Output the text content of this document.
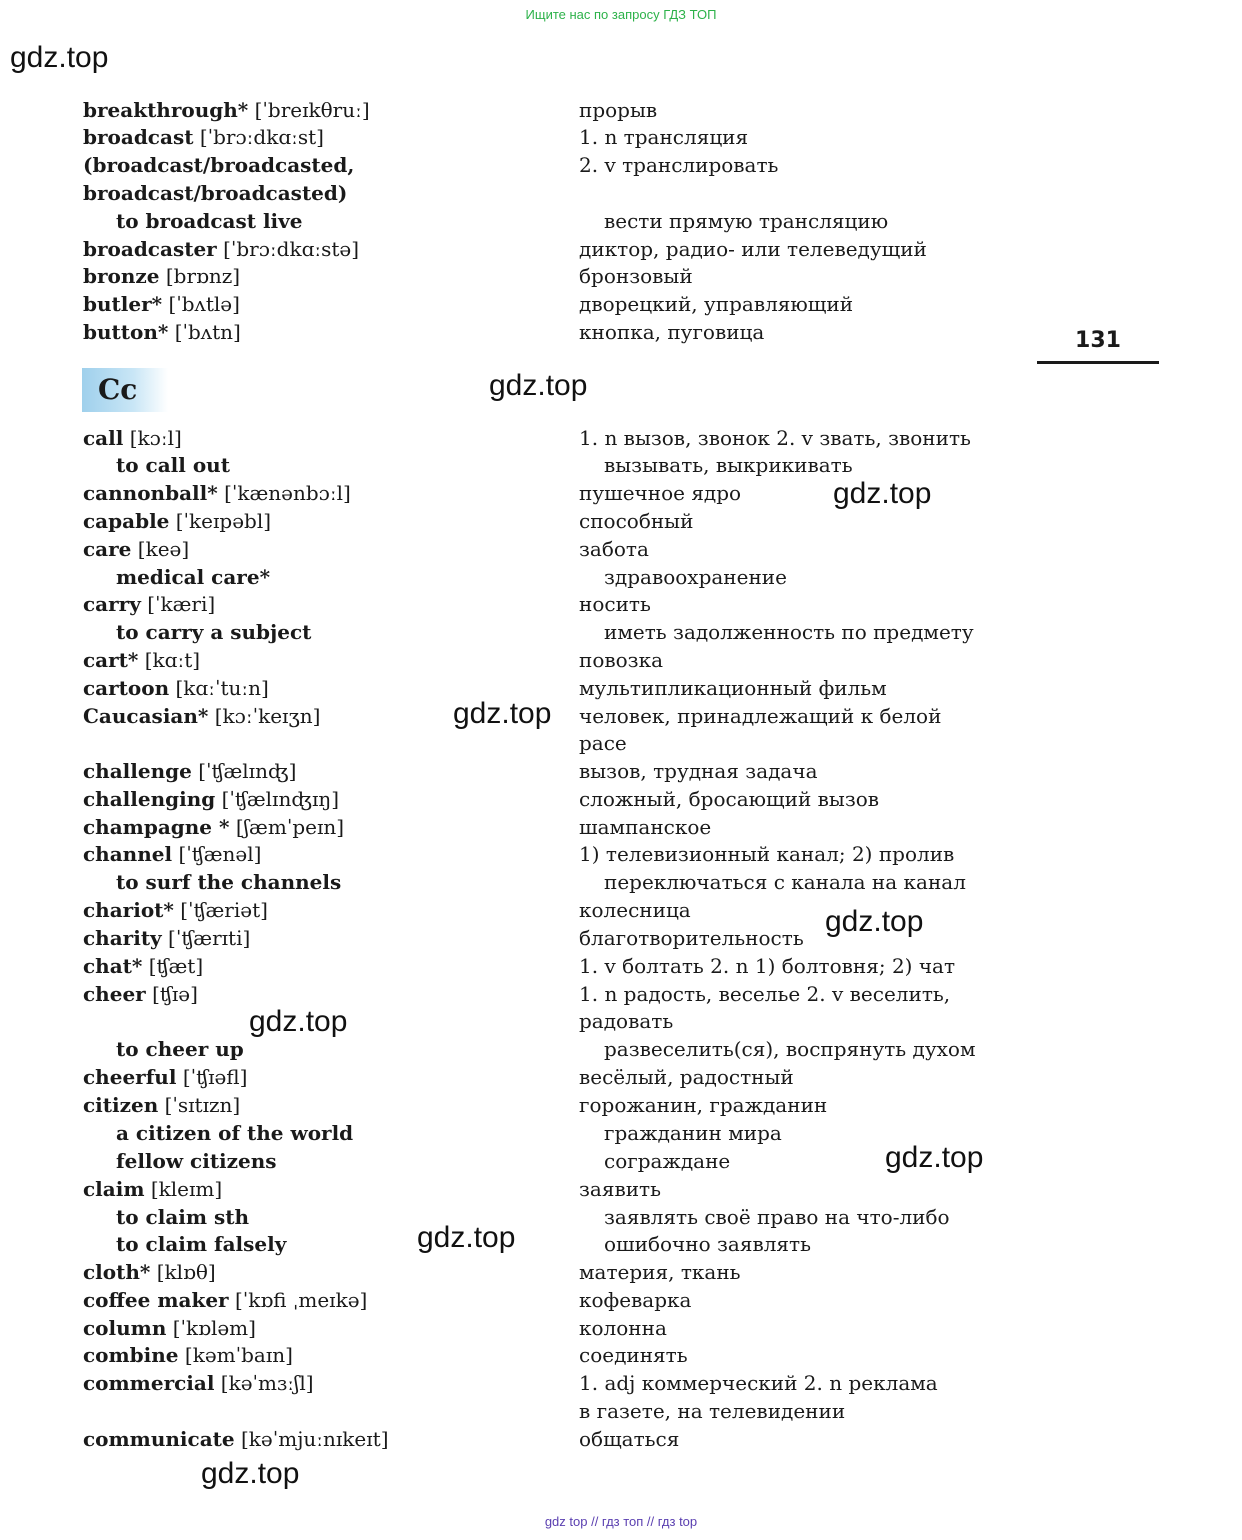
Ищите нас по запросу ГДЗ ТОП
gdz.top
gdz.top
gdz.top
gdz.top
gdz.top
gdz.top
gdz.top
gdz.top
gdz.top
Cc
131
breakthrough* [ˈbreɪkθruː]	прорыв
broadcast [ˈbrɔːdkɑːst]	1. n трансляция
(broadcast/broadcasted,	2. v транслировать
broadcast/broadcasted)
to broadcast live	вести прямую трансляцию
broadcaster [ˈbrɔːdkɑːstə]	диктор, радио- или телеведущий
bronze [brɒnz]	бронзовый
butler* [ˈbʌtlə]	дворецкий, управляющий
button* [ˈbʌtn]	кнопка, пуговица
call [kɔːl]	1. n вызов, звонок 2. v звать, звонить
to call out	вызывать, выкрикивать
cannonball* [ˈkænənbɔːl]	пушечное ядро
capable [ˈkeɪpəbl]	способный
care [keə]	забота
medical care*	здравоохранение
carry [ˈkæri]	носить
to carry a subject	иметь задолженность по предмету
cart* [kɑːt]	повозка
cartoon [kɑːˈtuːn]	мультипликационный фильм
Caucasian* [kɔːˈkeɪʒn]	человек, принадлежащий к белой
расе
challenge [ˈʧælɪnʤ]	вызов, трудная задача
challenging [ˈʧælɪnʤɪŋ]	сложный, бросающий вызов
champagne * [ʃæmˈpeɪn]	шампанское
channel [ˈʧænəl]	1) телевизионный канал; 2) пролив
to surf the channels	переключаться с канала на канал
chariot* [ˈʧæriət]	колесница
charity [ˈʧærɪti]	благотворительность
chat* [ʧæt]	1. v болтать 2. n 1) болтовня; 2) чат
cheer [ʧɪə]	1. n радость, веселье 2. v веселить,
радовать
to cheer up	развеселить(ся), воспрянуть духом
cheerful [ˈʧɪəfl]	весёлый, радостный
citizen [ˈsɪtɪzn]	горожанин, гражданин
a citizen of the world	гражданин мира
fellow citizens	сограждане
claim [kleɪm]	заявить
to claim sth	заявлять своё право на что-либо
to claim falsely	ошибочно заявлять
cloth* [klɒθ]	материя, ткань
coffee maker [ˈkɒfi ˌmeɪkə]	кофеварка
column [ˈkɒləm]	колонна
combine [kəmˈbaɪn]	соединять
commercial [kəˈmɜːʃl]	1. adj коммерческий 2. n реклама
в газете, на телевидении
communicate [kəˈmjuːnɪkeɪt]	общаться
gdz top // гдз топ // гдз top
